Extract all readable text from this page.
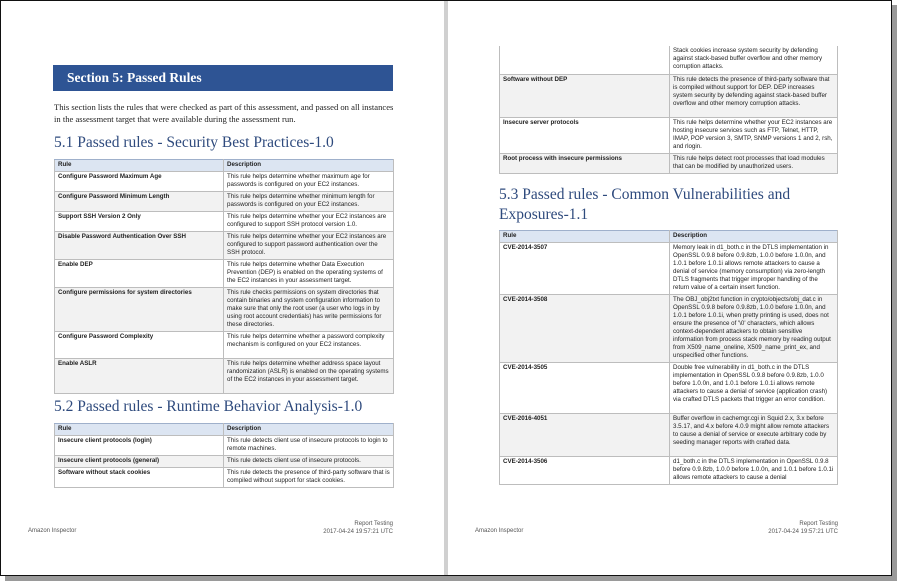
Section 5: Passed Rules

This section lists the rules that were checked as part of this assessment, and passed on all instances in the assessment target that were available during the assessment run.

5.1 Passed rules - Security Best Practices-1.0
Rule	Description
Configure Password Maximum Age	This rule helps determine whether maximum age for passwords is configured on your EC2 instances.
Configure Password Minimum Length	This rule helps determine whether minimum length for passwords is configured on your EC2 instances.
Support SSH Version 2 Only	This rule helps determine whether your EC2 instances are configured to support SSH protocol version 1.0.
Disable Password Authentication Over SSH	This rule helps determine whether your EC2 instances are configured to support password authentication over the SSH protocol.
Enable DEP	This rule helps determine whether Data Execution Prevention (DEP) is enabled on the operating systems of the EC2 instances in your assessment target.
Configure permissions for system directories	This rule checks permissions on system directories that contain binaries and system configuration information to make sure that only the root user (a user who logs in by using root account credentials) has write permissions for these directories.
Configure Password Complexity	This rule helps determine whether a password complexity mechanism is configured on your EC2 instances.
Enable ASLR	This rule helps determine whether address space layout randomization (ASLR) is enabled on the operating systems of the EC2 instances in your assessment target.
5.2 Passed rules - Runtime Behavior Analysis-1.0
Rule	Description
Insecure client protocols (login)	This rule detects client use of insecure protocols to login to remote machines.
Insecure client protocols (general)	This rule detects client use of insecure protocols.
Software without stack cookies	This rule detects the presence of third-party software that is compiled without support for stack cookies.
Amazon Inspector
Report Testing
2017-04-24 19:57:21 UTC
	Stack cookies increase system security by defending against stack-based buffer overflow and other memory corruption attacks.
Software without DEP	This rule detects the presence of third-party software that is compiled without support for DEP. DEP increases system security by defending against stack-based buffer overflow and other memory corruption attacks.
Insecure server protocols	This rule helps determine whether your EC2 instances are hosting insecure services such as FTP, Telnet, HTTP, IMAP, POP version 3, SMTP, SNMP versions 1 and 2, rsh, and rlogin.
Root process with insecure permissions	This rule helps detect root processes that load modules that can be modified by unauthorized users.
5.3 Passed rules - Common Vulnerabilities and
Exposures-1.1
Rule	Description
CVE-2014-3507	Memory leak in d1_both.c in the DTLS implementation in OpenSSL 0.9.8 before 0.9.8zb, 1.0.0 before 1.0.0n, and 1.0.1 before 1.0.1i allows remote attackers to cause a denial of service (memory consumption) via zero-length DTLS fragments that trigger improper handling of the return value of a certain insert function.
CVE-2014-3508	The OBJ_obj2txt function in crypto/objects/obj_dat.c in OpenSSL 0.9.8 before 0.9.8zb, 1.0.0 before 1.0.0n, and 1.0.1 before 1.0.1i, when pretty printing is used, does not ensure the presence of '\0' characters, which allows context-dependent attackers to obtain sensitive information from process stack memory by reading output from X509_name_oneline, X509_name_print_ex, and unspecified other functions.
CVE-2014-3505	Double free vulnerability in d1_both.c in the DTLS implementation in OpenSSL 0.9.8 before 0.9.8zb, 1.0.0 before 1.0.0n, and 1.0.1 before 1.0.1i allows remote attackers to cause a denial of service (application crash) via crafted DTLS packets that trigger an error condition.
CVE-2016-4051	Buffer overflow in cachemgr.cgi in Squid 2.x, 3.x before 3.5.17, and 4.x before 4.0.9 might allow remote attackers to cause a denial of service or execute arbitrary code by seeding manager reports with crafted data.
CVE-2014-3506	d1_both.c in the DTLS implementation in OpenSSL 0.9.8 before 0.9.8zb, 1.0.0 before 1.0.0n, and 1.0.1 before 1.0.1i allows remote attackers to cause a denial
Amazon Inspector
Report Testing
2017-04-24 19:57:21 UTC
